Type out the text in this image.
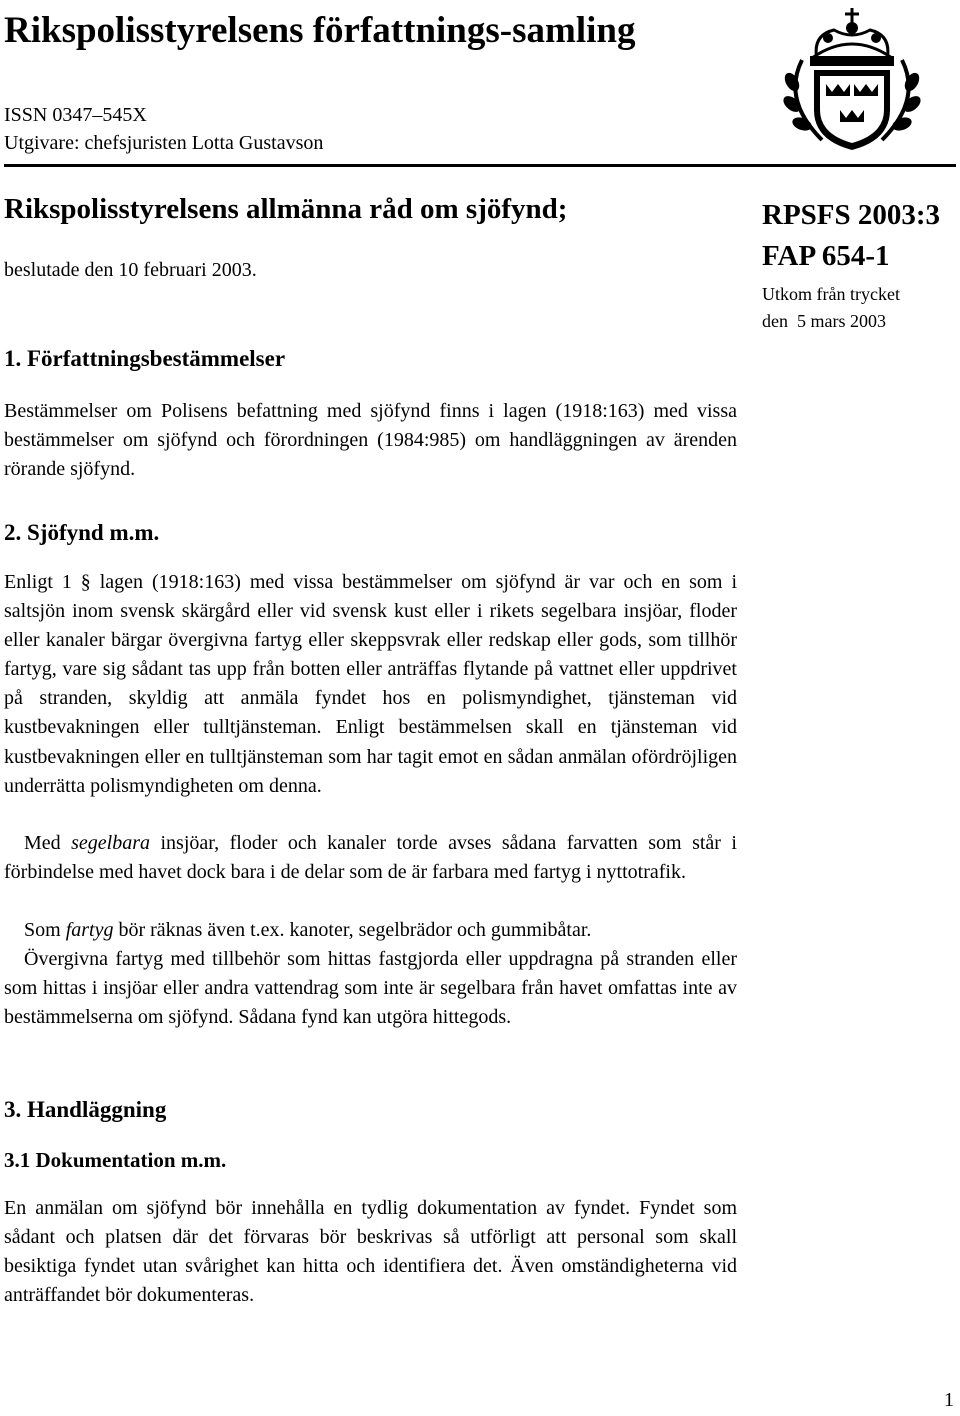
Rikspolisstyrelsens författnings-samling
ISSN 0347–545X
Utgivare: chefsjuristen Lotta Gustavson
Rikspolisstyrelsens allmänna råd om sjöfynd;
beslutade den 10 februari 2003.
RPSFS 2003:3
FAP 654-1
Utkom från trycket
den  5 mars 2003
1. Författningsbestämmelser

Bestämmelser om Polisens befattning med sjöfynd finns i lagen (1918:163) med vissa bestämmelser om sjöfynd och förordningen (1984:985) om handläggningen av ärenden rörande sjöfynd.

2. Sjöfynd m.m.

Enligt 1 § lagen (1918:163) med vissa bestämmelser om sjöfynd är var och en som i saltsjön inom svensk skärgård eller vid svensk kust eller i rikets segelbara insjöar, floder eller kanaler bärgar övergivna fartyg eller skeppsvrak eller redskap eller gods, som tillhör fartyg, vare sig sådant tas upp från botten eller anträffas flytande på vattnet eller uppdrivet på stranden, skyldig att anmäla fyndet hos en polismyndighet, tjänsteman vid kustbevakningen eller tulltjänsteman. Enligt bestämmelsen skall en tjänsteman vid kustbevakningen eller en tulltjänsteman som har tagit emot en sådan anmälan ofördröjligen underrätta polismyndigheten om denna.

Med segelbara insjöar, floder och kanaler torde avses sådana farvatten som står i förbindelse med havet dock bara i de delar som de är farbara med fartyg i nyttotrafik.

Som fartyg bör räknas även t.ex. kanoter, segelbrädor och gummibåtar.

Övergivna fartyg med tillbehör som hittas fastgjorda eller uppdragna på stranden eller som hittas i insjöar eller andra vattendrag som inte är segelbara från havet omfattas inte av bestämmelserna om sjöfynd. Sådana fynd kan utgöra hittegods.

3. Handläggning
3.1 Dokumentation m.m.

En anmälan om sjöfynd bör innehålla en tydlig dokumentation av fyndet. Fyndet som sådant och platsen där det förvaras bör beskrivas så utförligt att personal som skall besiktiga fyndet utan svårighet kan hitta och identifiera det. Även omständigheterna vid anträffandet bör dokumenteras.

1
